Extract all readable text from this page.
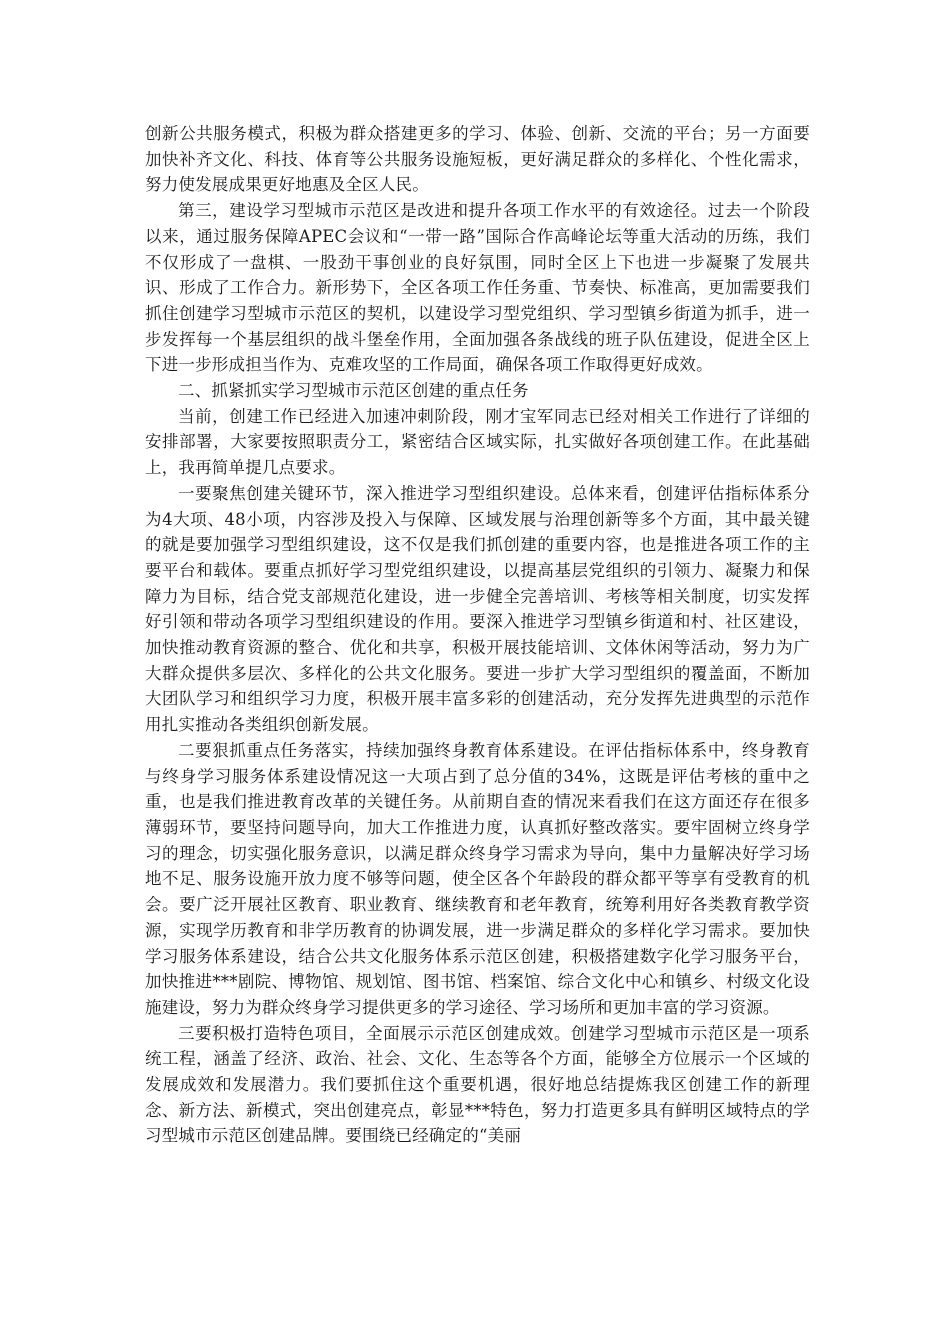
创新公共服务模式，积极为群众搭建更多的学习、体验、创新、交流的平台；另一方面要加快补齐文化、科技、体育等公共服务设施短板，更好满足群众的多样化、个性化需求，努力使发展成果更好地惠及全区人民。

第三，建设学习型城市示范区是改进和提升各项工作水平的有效途径。过去一个阶段以来，通过服务保障APEC会议和“一带一路”国际合作高峰论坛等重大活动的历练，我们不仅形成了一盘棋、一股劲干事创业的良好氛围，同时全区上下也进一步凝聚了发展共识、形成了工作合力。新形势下，全区各项工作任务重、节奏快、标准高，更加需要我们抓住创建学习型城市示范区的契机，以建设学习型党组织、学习型镇乡街道为抓手，进一步发挥每一个基层组织的战斗堡垒作用，全面加强各条战线的班子队伍建设，促进全区上下进一步形成担当作为、克难攻坚的工作局面，确保各项工作取得更好成效。

二、抓紧抓实学习型城市示范区创建的重点任务

当前，创建工作已经进入加速冲刺阶段，刚才宝军同志已经对相关工作进行了详细的安排部署，大家要按照职责分工，紧密结合区域实际，扎实做好各项创建工作。在此基础上，我再简单提几点要求。

一要聚焦创建关键环节，深入推进学习型组织建设。总体来看，创建评估指标体系分为4大项、48小项，内容涉及投入与保障、区域发展与治理创新等多个方面，其中最关键的就是要加强学习型组织建设，这不仅是我们抓创建的重要内容，也是推进各项工作的主要平台和载体。要重点抓好学习型党组织建设，以提高基层党组织的引领力、凝聚力和保障力为目标，结合党支部规范化建设，进一步健全完善培训、考核等相关制度，切实发挥好引领和带动各项学习型组织建设的作用。要深入推进学习型镇乡街道和村、社区建设，加快推动教育资源的整合、优化和共享，积极开展技能培训、文体休闲等活动，努力为广大群众提供多层次、多样化的公共文化服务。要进一步扩大学习型组织的覆盖面，不断加大团队学习和组织学习力度，积极开展丰富多彩的创建活动，充分发挥先进典型的示范作用扎实推动各类组织创新发展。

二要狠抓重点任务落实，持续加强终身教育体系建设。在评估指标体系中，终身教育与终身学习服务体系建设情况这一大项占到了总分值的34%，这既是评估考核的重中之重，也是我们推进教育改革的关键任务。从前期自查的情况来看我们在这方面还存在很多薄弱环节，要坚持问题导向，加大工作推进力度，认真抓好整改落实。要牢固树立终身学习的理念，切实强化服务意识，以满足群众终身学习需求为导向，集中力量解决好学习场地不足、服务设施开放力度不够等问题，使全区各个年龄段的群众都平等享有受教育的机会。要广泛开展社区教育、职业教育、继续教育和老年教育，统筹利用好各类教育教学资源，实现学历教育和非学历教育的协调发展，进一步满足群众的多样化学习需求。要加快学习服务体系建设，结合公共文化服务体系示范区创建，积极搭建数字化学习服务平台，加快推进***剧院、博物馆、规划馆、图书馆、档案馆、综合文化中心和镇乡、村级文化设施建设，努力为群众终身学习提供更多的学习途径、学习场所和更加丰富的学习资源。

三要积极打造特色项目，全面展示示范区创建成效。创建学习型城市示范区是一项系统工程，涵盖了经济、政治、社会、文化、生态等各个方面，能够全方位展示一个区域的发展成效和发展潜力。我们要抓住这个重要机遇，很好地总结提炼我区创建工作的新理念、新方法、新模式，突出创建亮点，彰显***特色，努力打造更多具有鲜明区域特点的学习型城市示范区创建品牌。要围绕已经确定的“美丽
